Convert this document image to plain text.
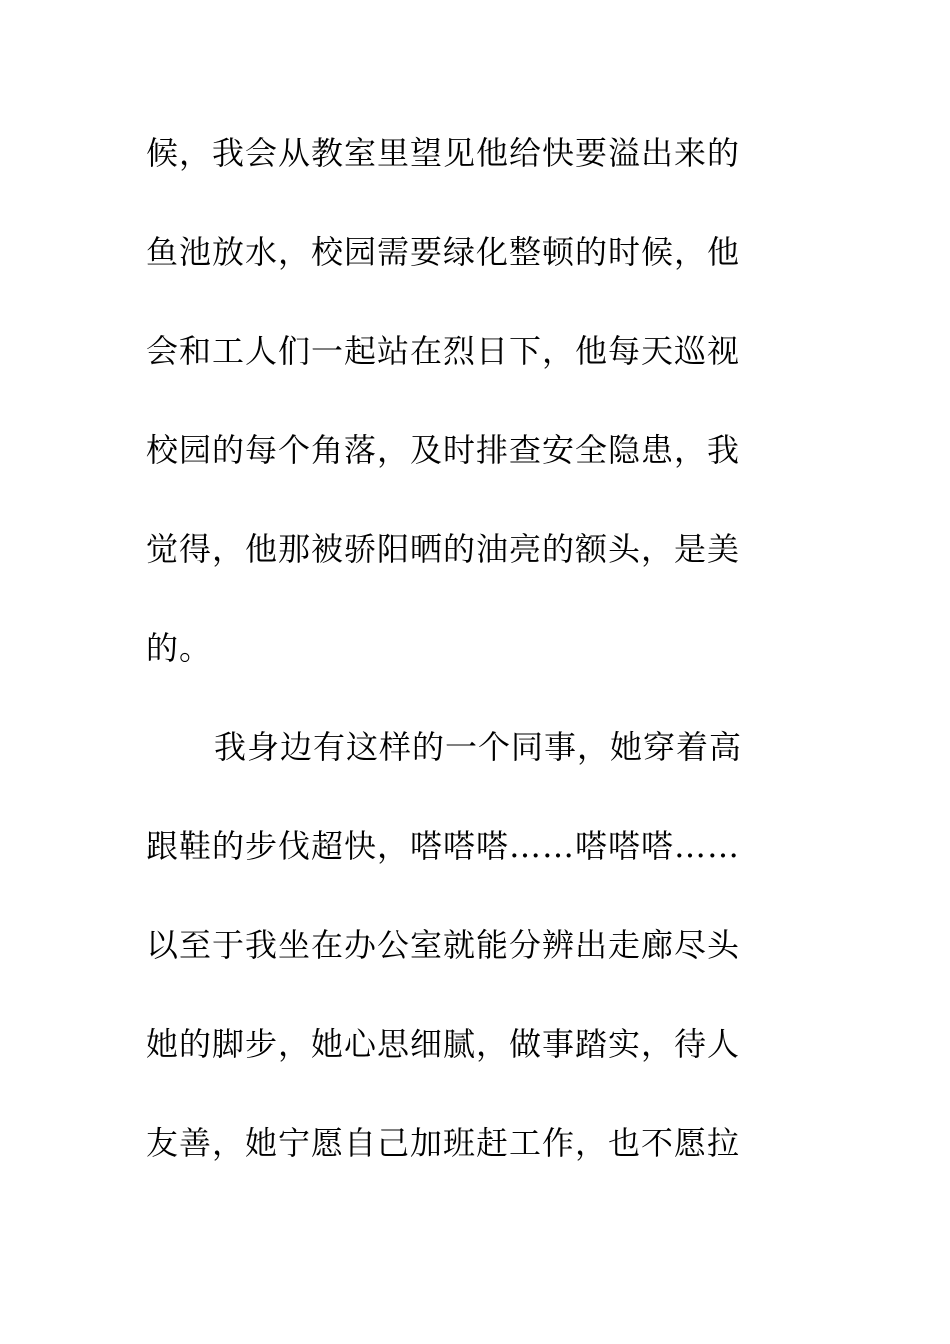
候，我会从教室里望见他给快要溢出来的
鱼池放水，校园需要绿化整顿的时候，他
会和工人们一起站在烈日下，他每天巡视
校园的每个角落，及时排查安全隐患，我
觉得，他那被骄阳晒的油亮的额头，是美
的。
我身边有这样的一个同事，她穿着高
跟鞋的步伐超快，嗒嗒嗒……嗒嗒嗒……
以至于我坐在办公室就能分辨出走廊尽头
她的脚步，她心思细腻，做事踏实，待人
友善，她宁愿自己加班赶工作，也不愿拉
